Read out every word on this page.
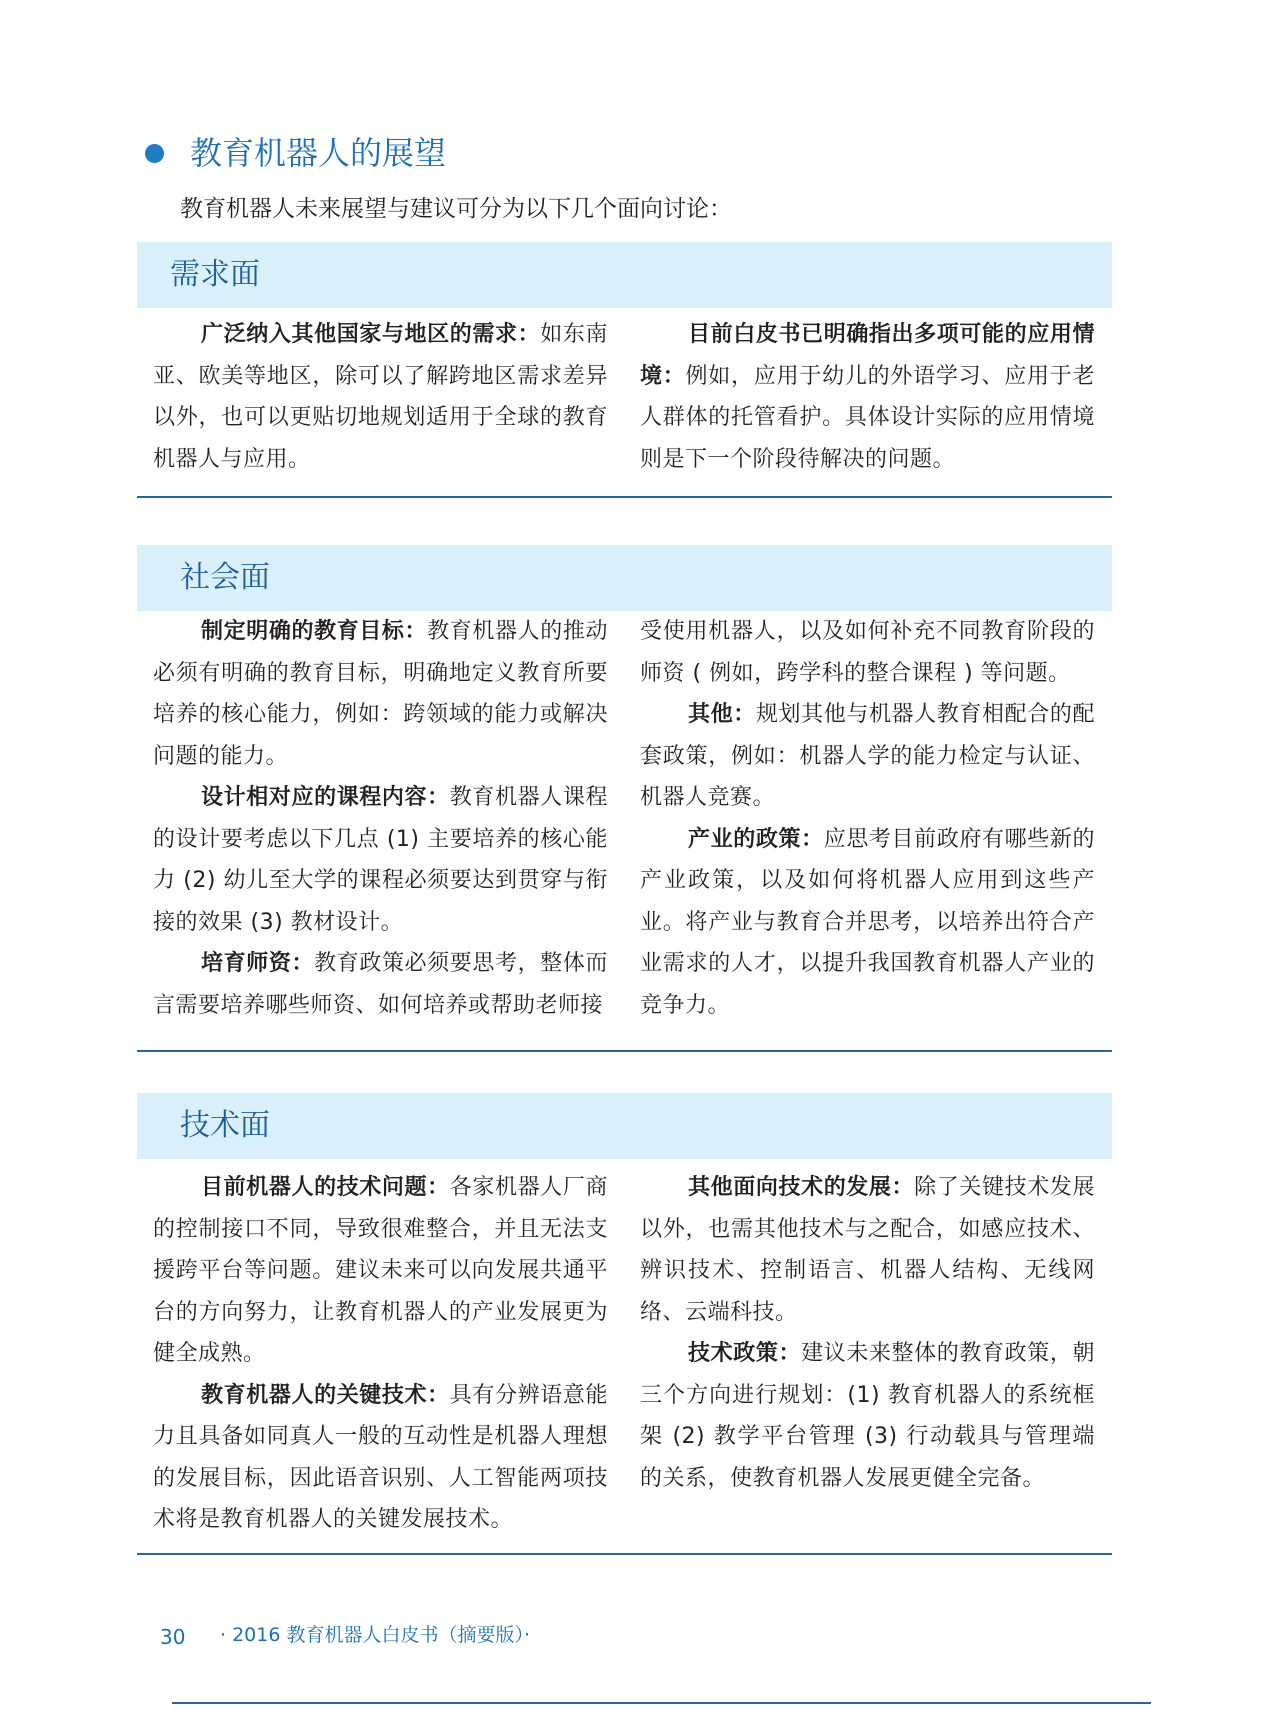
教育机器人的展望
教育机器人未来展望与建议可分为以下几个面向讨论：
需求面

广泛纳入其他国家与地区的需求：如东南亚、欧美等地区，除可以了解跨地区需求差异以外，也可以更贴切地规划适用于全球的教育机器人与应用。

目前白皮书已明确指出多项可能的应用情境：例如，应用于幼儿的外语学习、应用于老人群体的托管看护。具体设计实际的应用情境则是下一个阶段待解决的问题。

社会面

制定明确的教育目标：教育机器人的推动必须有明确的教育目标，明确地定义教育所要培养的核心能力，例如：跨领域的能力或解决问题的能力。

设计相对应的课程内容：教育机器人课程的设计要考虑以下几点 (1) 主要培养的核心能力 (2) 幼儿至大学的课程必须要达到贯穿与衔接的效果 (3) 教材设计。

培育师资：教育政策必须要思考，整体而言需要培养哪些师资、如何培养或帮助老师接

受使用机器人，以及如何补充不同教育阶段的师资 ( 例如，跨学科的整合课程 ) 等问题。

其他：规划其他与机器人教育相配合的配套政策，例如：机器人学的能力检定与认证、机器人竞赛。

产业的政策：应思考目前政府有哪些新的产业政策，以及如何将机器人应用到这些产业。将产业与教育合并思考，以培养出符合产业需求的人才，以提升我国教育机器人产业的竞争力。

技术面

目前机器人的技术问题：各家机器人厂商的控制接口不同，导致很难整合，并且无法支援跨平台等问题。建议未来可以向发展共通平台的方向努力，让教育机器人的产业发展更为健全成熟。

教育机器人的关键技术：具有分辨语意能力且具备如同真人一般的互动性是机器人理想的发展目标，因此语音识别、人工智能两项技术将是教育机器人的关键发展技术。

其他面向技术的发展：除了关键技术发展以外，也需其他技术与之配合，如感应技术、辨识技术、控制语言、机器人结构、无线网络、云端科技。

技术政策：建议未来整体的教育政策，朝三个方向进行规划：(1) 教育机器人的系统框架 (2) 教学平台管理 (3) 行动载具与管理端的关系，使教育机器人发展更健全完备。

30 · 2016 教育机器人白皮书（摘要版）·
